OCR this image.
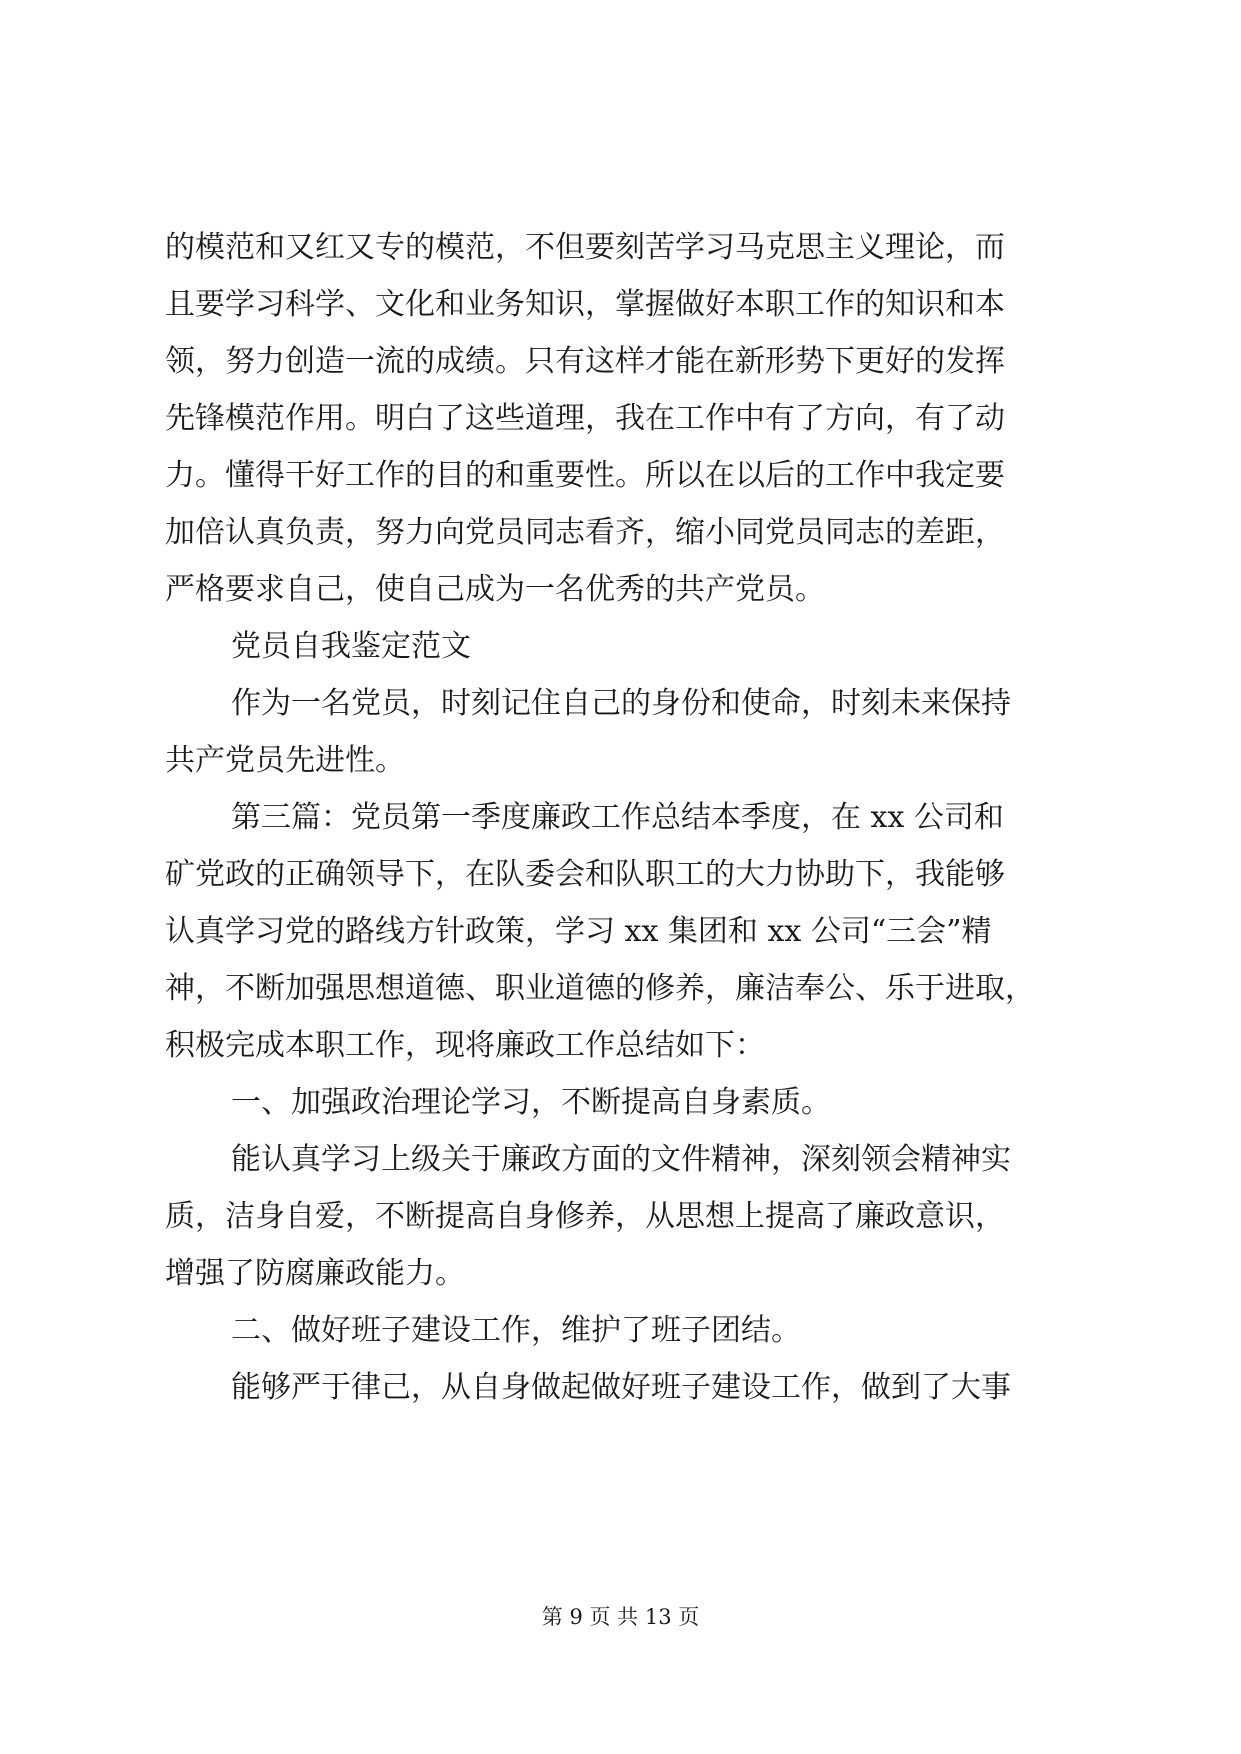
的模范和又红又专的模范，不但要刻苦学习马克思主义理论，而
且要学习科学、文化和业务知识，掌握做好本职工作的知识和本
领，努力创造一流的成绩。只有这样才能在新形势下更好的发挥
先锋模范作用。明白了这些道理，我在工作中有了方向，有了动
力。懂得干好工作的目的和重要性。所以在以后的工作中我定要
加倍认真负责，努力向党员同志看齐，缩小同党员同志的差距，
严格要求自己，使自己成为一名优秀的共产党员。
党员自我鉴定范文
作为一名党员，时刻记住自己的身份和使命，时刻未来保持
共产党员先进性。
第三篇：党员第一季度廉政工作总结本季度，在 xx 公司和
矿党政的正确领导下，在队委会和队职工的大力协助下，我能够
认真学习党的路线方针政策，学习 xx 集团和 xx 公司“三会”精
神，不断加强思想道德、职业道德的修养，廉洁奉公、乐于进取，
积极完成本职工作，现将廉政工作总结如下：
一、加强政治理论学习，不断提高自身素质。
能认真学习上级关于廉政方面的文件精神，深刻领会精神实
质，洁身自爱，不断提高自身修养，从思想上提高了廉政意识，
增强了防腐廉政能力。
二、做好班子建设工作，维护了班子团结。
能够严于律己，从自身做起做好班子建设工作，做到了大事
第 9 页 共 13 页
